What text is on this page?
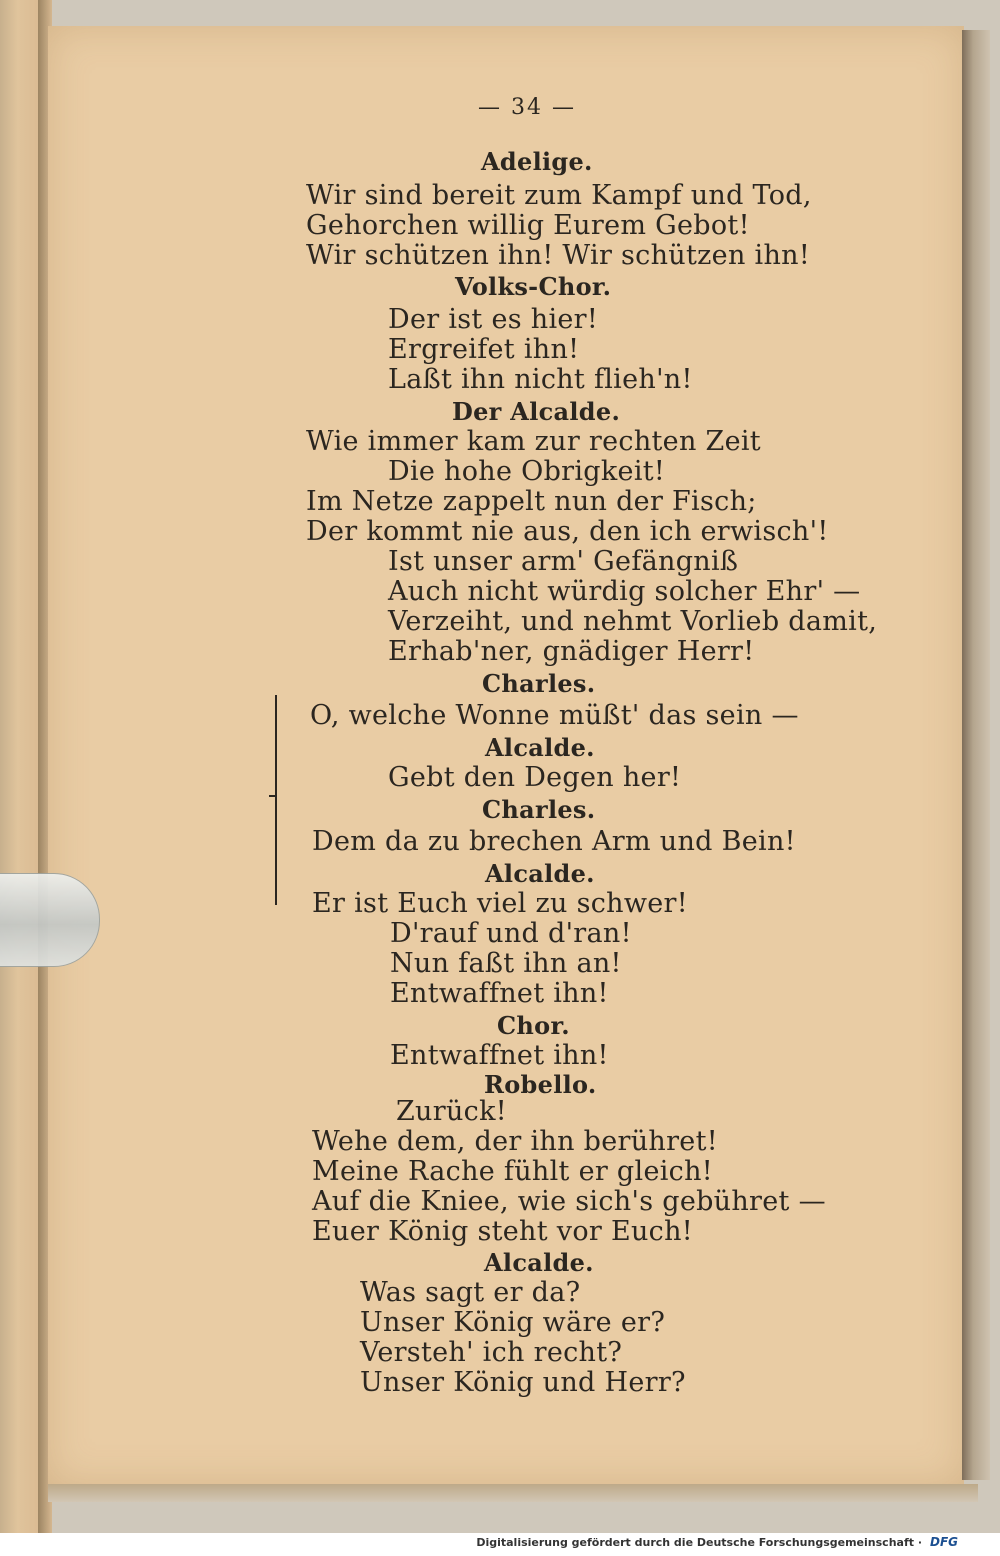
— 34 —
Adelige.
Wir sind bereit zum Kampf und Tod,
Gehorchen willig Eurem Gebot!
Wir schützen ihn! Wir schützen ihn!
Volks-Chor.
Der ist es hier!
Ergreifet ihn!
Laßt ihn nicht flieh'n!
Der Alcalde.
Wie immer kam zur rechten Zeit
Die hohe Obrigkeit!
Im Netze zappelt nun der Fisch;
Der kommt nie aus, den ich erwisch'!
Ist unser arm' Gefängniß
Auch nicht würdig solcher Ehr' —
Verzeiht, und nehmt Vorlieb damit,
Erhab'ner, gnädiger Herr!
Charles.
O, welche Wonne müßt' das sein —
Alcalde.
Gebt den Degen her!
Charles.
Dem da zu brechen Arm und Bein!
Alcalde.
Er ist Euch viel zu schwer!
D'rauf und d'ran!
Nun faßt ihn an!
Entwaffnet ihn!
Chor.
Entwaffnet ihn!
Robello.
Zurück!
Wehe dem, der ihn berühret!
Meine Rache fühlt er gleich!
Auf die Kniee, wie sich's gebühret —
Euer König steht vor Euch!
Alcalde.
Was sagt er da?
Unser König wäre er?
Versteh' ich recht?
Unser König und Herr?
Digitalisierung gefördert durch die Deutsche Forschungsgemeinschaft · DFG
